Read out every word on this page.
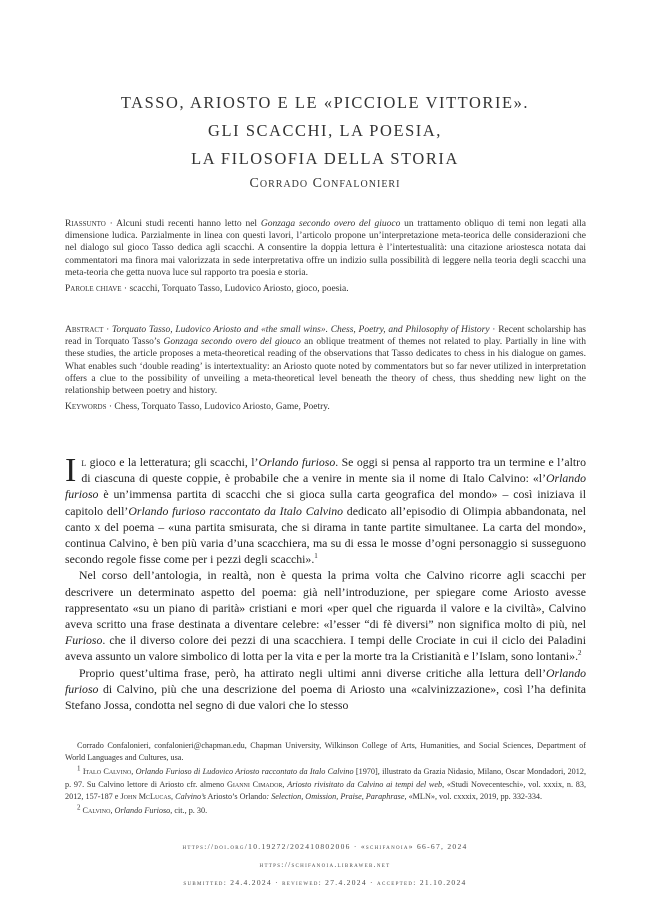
TASSO, ARIOSTO E LE «PICCIOLE VITTORIE».
GLI SCACCHI, LA POESIA,
LA FILOSOFIA DELLA STORIA
Corrado Confalonieri

Riassunto · Alcuni studi recenti hanno letto nel Gonzaga secondo overo del giuoco un trattamento obliquo di temi non legati alla dimensione ludica. Parzialmente in linea con questi lavori, l’articolo propone un’interpretazione meta-teorica delle considerazioni che nel dialogo sul gioco Tasso dedica agli scacchi. A consentire la doppia lettura è l’intertestualità: una citazione ariostesca notata dai commentatori ma finora mai valorizzata in sede interpretativa offre un indizio sulla possibilità di leggere nella teoria degli scacchi una meta-teoria che getta nuova luce sul rapporto tra poesia e storia.

Parole chiave · scacchi, Torquato Tasso, Ludovico Ariosto, gioco, poesia.

Abstract · Torquato Tasso, Ludovico Ariosto and «the small wins». Chess, Poetry, and Philosophy of History · Recent scholarship has read in Torquato Tasso’s Gonzaga secondo overo del giouco an oblique treatment of themes not related to play. Partially in line with these studies, the article proposes a meta-theoretical reading of the observations that Tasso dedicates to chess in his dialogue on games. What enables such ‘double reading’ is intertextuality: an Ariosto quote noted by commentators but so far never utilized in interpretation offers a clue to the possibility of unveiling a meta-theoretical level beneath the theory of chess, thus shedding new light on the relationship between poetry and history.

Keywords · Chess, Torquato Tasso, Ludovico Ariosto, Game, Poetry.

Il gioco e la letteratura; gli scacchi, l’Orlando furioso. Se oggi si pensa al rapporto tra un termine e l’altro di ciascuna di queste coppie, è probabile che a venire in mente sia il nome di Italo Calvino: «l’Orlando furioso è un’immensa partita di scacchi che si gioca sulla carta geografica del mondo» – così iniziava il capitolo dell’Orlando furioso raccontato da Italo Calvino dedicato all’episodio di Olimpia abbandonata, nel canto x del poema – «una partita smisurata, che si dirama in tante partite simultanee. La carta del mondo», continua Calvino, è ben più varia d’una scacchiera, ma su di essa le mosse d’ogni personaggio si susseguono secondo regole fisse come per i pezzi degli scacchi».$^1$

Nel corso dell’antologia, in realtà, non è questa la prima volta che Calvino ricorre agli scacchi per descrivere un determinato aspetto del poema: già nell’introduzione, per spiegare come Ariosto avesse rappresentato «su un piano di parità» cristiani e mori «per quel che riguarda il valore e la civiltà», Calvino aveva scritto una frase destinata a diventare celebre: «l’esser “di fè diversi” non significa molto di più, nel Furioso. che il diverso colore dei pezzi di una scacchiera. I tempi delle Crociate in cui il ciclo dei Paladini aveva assunto un valore simbolico di lotta per la vita e per la morte tra la Cristianità e l’Islam, sono lontani».$^2$

Proprio quest’ultima frase, però, ha attirato negli ultimi anni diverse critiche alla lettura dell’Orlando furioso di Calvino, più che una descrizione del poema di Ariosto una «calvinizzazione», così l’ha definita Stefano Jossa, condotta nel segno di due valori che lo stesso

Corrado Confalonieri, confalonieri@chapman.edu, Chapman University, Wilkinson College of Arts, Humanities, and Social Sciences, Department of World Languages and Cultures, usa.

$^1$ Italo Calvino, Orlando Furioso di Ludovico Ariosto raccontato da Italo Calvino [1970], illustrato da Grazia Nidasio, Milano, Oscar Mondadori, 2012, p. 97. Su Calvino lettore di Ariosto cfr. almeno Gianni Cimador, Ariosto rivisitato da Calvino ai tempi del web, «Studi Novecenteschi», vol. xxxix, n. 83, 2012, 157-187 e John McLucas, Calvino’s Ariosto’s Orlando: Selection, Omission, Praise, Paraphrase, «MLN», vol. cxxxix, 2019, pp. 332-334.

$^2$ Calvino, Orlando Furioso, cit., p. 30.

https://doi.org/10.19272/202410802006 · «schifanoia» 66-67, 2024
https://schifanoia.libraweb.net
submitted: 24.4.2024 · reviewed: 27.4.2024 · accepted: 21.10.2024
